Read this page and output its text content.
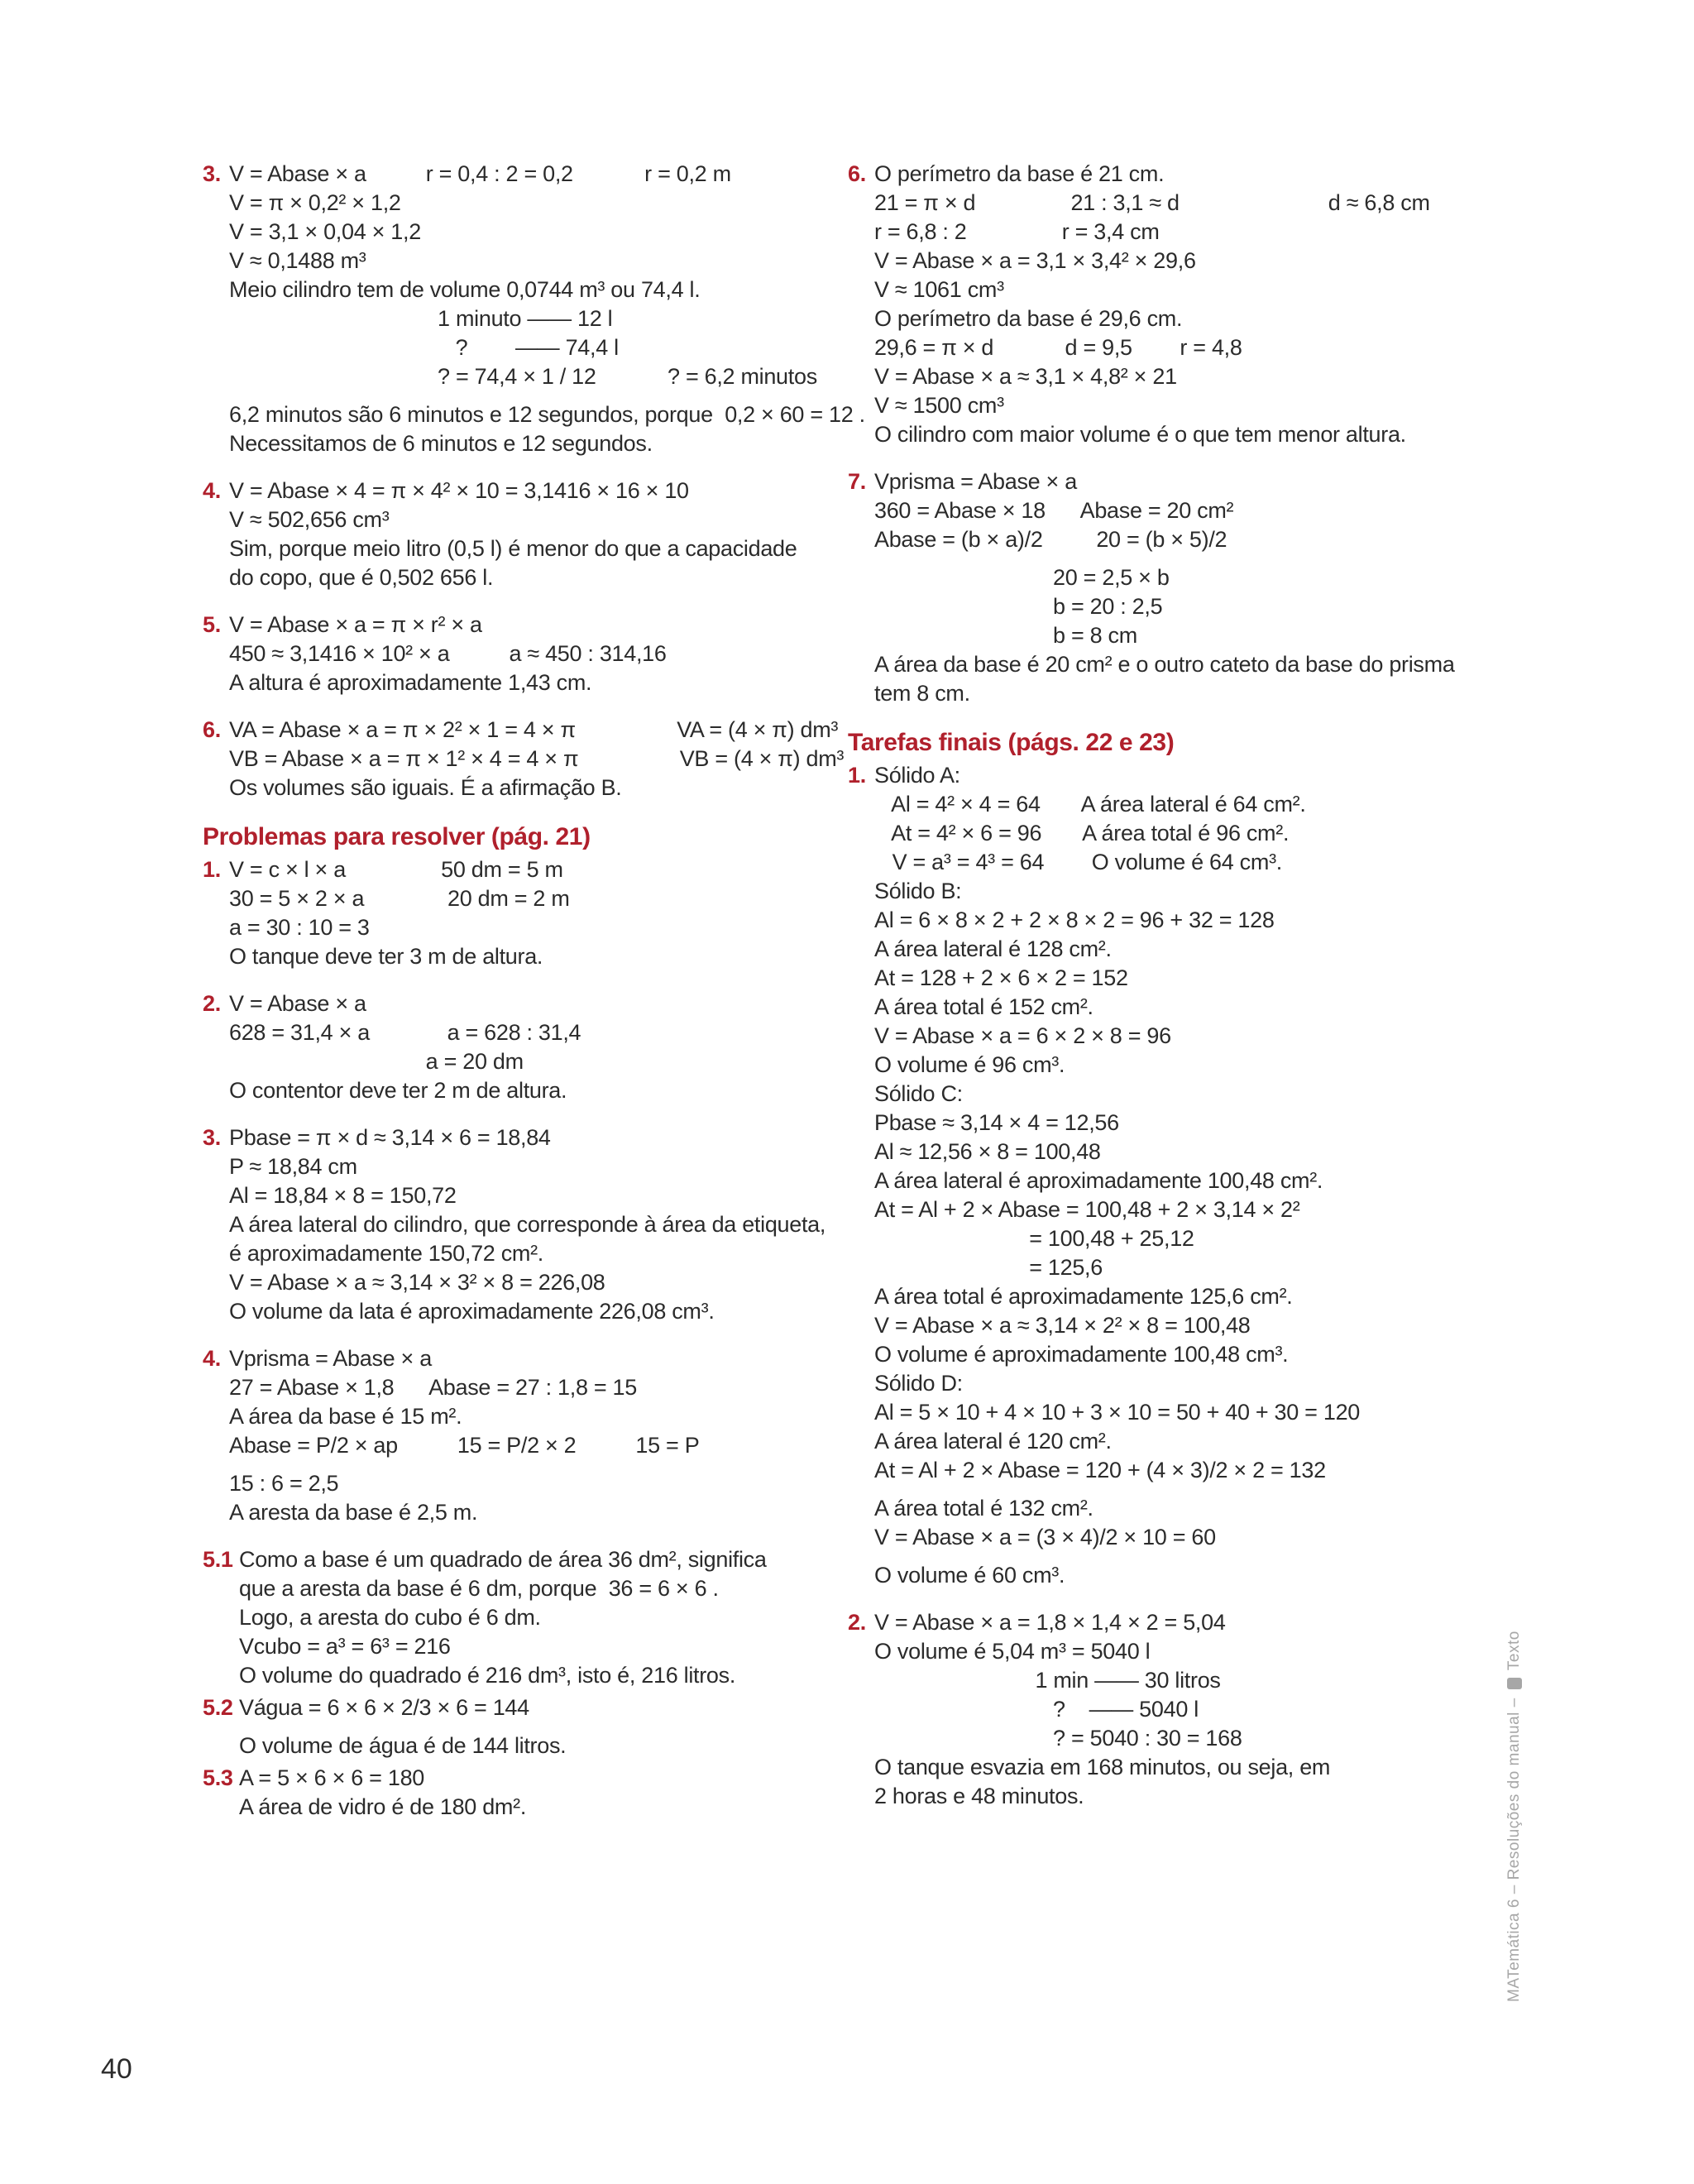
3. V = Abase × a          r = 0,4 : 2 = 0,2            r = 0,2 m
V = π × 0,2² × 1,2
V = 3,1 × 0,04 × 1,2
V ≈ 0,1488 m³
Meio cilindro tem de volume 0,0744 m³ ou 74,4 l.
1 minuto —— 12 l
?        —— 74,4 l
? = 74,4 × 1 / 12            ? = 6,2 minutos
6,2 minutos são 6 minutos e 12 segundos, porque  0,2 × 60 = 12 .
Necessitamos de 6 minutos e 12 segundos.
4. V = Abase × 4 = π × 4² × 10 = 3,1416 × 16 × 10
V ≈ 502,656 cm³
Sim, porque meio litro (0,5 l) é menor do que a capacidade
do copo, que é 0,502 656 l.
5. V = Abase × a = π × r² × a
450 ≈ 3,1416 × 10² × a          a ≈ 450 : 314,16
A altura é aproximadamente 1,43 cm.
6. VA = Abase × a = π × 2² × 1 = 4 × π                 VA = (4 × π) dm³
VB = Abase × a = π × 1² × 4 = 4 × π                 VB = (4 × π) dm³
Os volumes são iguais. É a afirmação B.
Problemas para resolver (pág. 21)
1. V = c × l × a                50 dm = 5 m
30 = 5 × 2 × a              20 dm = 2 m
a = 30 : 10 = 3
O tanque deve ter 3 m de altura.
2. V = Abase × a
628 = 31,4 × a             a = 628 : 31,4
a = 20 dm
O contentor deve ter 2 m de altura.
3. Pbase = π × d ≈ 3,14 × 6 = 18,84
P ≈ 18,84 cm
Al = 18,84 × 8 = 150,72
A área lateral do cilindro, que corresponde à área da etiqueta,
é aproximadamente 150,72 cm².
V = Abase × a ≈ 3,14 × 3² × 8 = 226,08
O volume da lata é aproximadamente 226,08 cm³.
4. Vprisma = Abase × a
27 = Abase × 1,8      Abase = 27 : 1,8 = 15
A área da base é 15 m².
Abase = P/2 × ap          15 = P/2 × 2          15 = P
15 : 6 = 2,5
A aresta da base é 2,5 m.
5.1 Como a base é um quadrado de área 36 dm², significa
que a aresta da base é 6 dm, porque  36 = 6 × 6 .
Logo, a aresta do cubo é 6 dm.
Vcubo = a³ = 6³ = 216
O volume do quadrado é 216 dm³, isto é, 216 litros.
5.2 Vágua = 6 × 6 × 2/3 × 6 = 144
O volume de água é de 144 litros.
5.3 A = 5 × 6 × 6 = 180
A área de vidro é de 180 dm².
6. O perímetro da base é 21 cm.
21 = π × d                21 : 3,1 ≈ d                         d ≈ 6,8 cm
r = 6,8 : 2                r = 3,4 cm
V = Abase × a = 3,1 × 3,4² × 29,6
V ≈ 1061 cm³
O perímetro da base é 29,6 cm.
29,6 = π × d            d = 9,5        r = 4,8
V = Abase × a ≈ 3,1 × 4,8² × 21
V ≈ 1500 cm³
O cilindro com maior volume é o que tem menor altura.
7. Vprisma = Abase × a
360 = Abase × 18      Abase = 20 cm²
Abase = (b × a)/2         20 = (b × 5)/2
20 = 2,5 × b
b = 20 : 2,5
b = 8 cm
A área da base é 20 cm² e o outro cateto da base do prisma
tem 8 cm.
Tarefas finais (págs. 22 e 23)
1. Sólido A:
Al = 4² × 4 = 64       A área lateral é 64 cm².
At = 4² × 6 = 96       A área total é 96 cm².
V = a³ = 4³ = 64        O volume é 64 cm³.
Sólido B:
Al = 6 × 8 × 2 + 2 × 8 × 2 = 96 + 32 = 128
A área lateral é 128 cm².
At = 128 + 2 × 6 × 2 = 152
A área total é 152 cm².
V = Abase × a = 6 × 2 × 8 = 96
O volume é 96 cm³.
Sólido C:
Pbase ≈ 3,14 × 4 = 12,56
Al ≈ 12,56 × 8 = 100,48
A área lateral é aproximadamente 100,48 cm².
At = Al + 2 × Abase = 100,48 + 2 × 3,14 × 2²
= 100,48 + 25,12
= 125,6
A área total é aproximadamente 125,6 cm².
V = Abase × a ≈ 3,14 × 2² × 8 = 100,48
O volume é aproximadamente 100,48 cm³.
Sólido D:
Al = 5 × 10 + 4 × 10 + 3 × 10 = 50 + 40 + 30 = 120
A área lateral é 120 cm².
At = Al + 2 × Abase = 120 + (4 × 3)/2 × 2 = 132
A área total é 132 cm².
V = Abase × a = (3 × 4)/2 × 10 = 60
O volume é 60 cm³.
2. V = Abase × a = 1,8 × 1,4 × 2 = 5,04
O volume é 5,04 m³ = 5040 l
1 min —— 30 litros
?    —— 5040 l
? = 5040 : 30 = 168
O tanque esvazia em 168 minutos, ou seja, em
2 horas e 48 minutos.
40
MATemática 6 – Resoluções do manual –  Texto
